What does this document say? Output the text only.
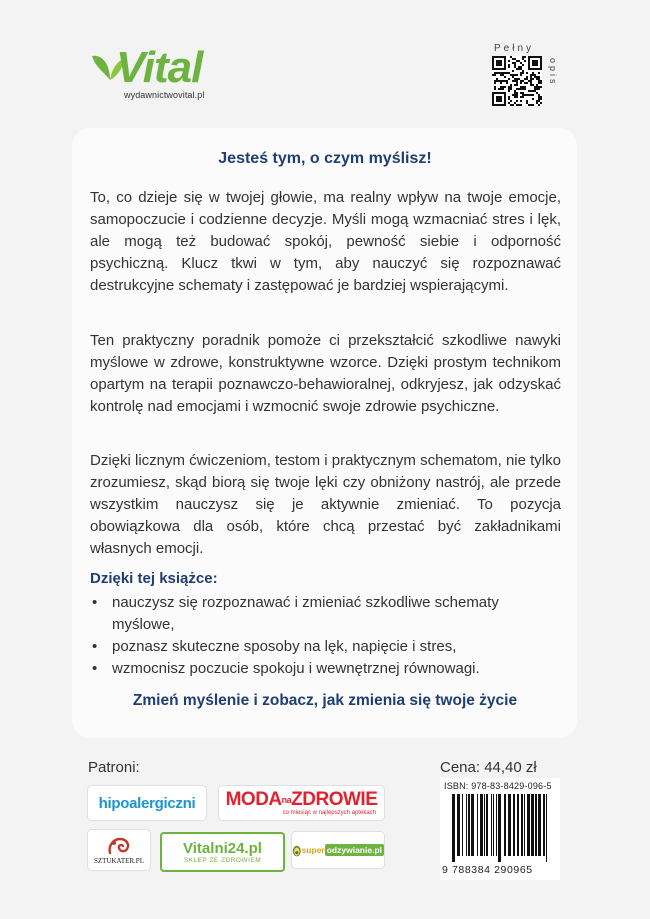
Vital
wydawnictwovital.pl
Pełny
opis
Jesteś tym, o czym myślisz!

To, co dzieje się w twojej głowie, ma realny wpływ na twoje emocje, samopoczucie i codzienne decyzje. Myśli mogą wzmacniać stres i lęk, ale mogą też budować spokój, pewność siebie i odporność psychiczną. Klucz tkwi w tym, aby nauczyć się rozpoznawać destrukcyjne schematy i zastępować je bardziej wspierającymi.

Ten praktyczny poradnik pomoże ci przekształcić szkodliwe nawyki myślowe w zdrowe, konstruktywne wzorce. Dzięki prostym technikom opartym na terapii poznawczo-behawioralnej, odkryjesz, jak odzyskać kontrolę nad emocjami i wzmocnić swoje zdrowie psychiczne.

Dzięki licznym ćwiczeniom, testom i praktycznym schematom, nie tylko zrozumiesz, skąd biorą się twoje lęki czy obniżony nastrój, ale przede wszystkim nauczysz się je aktywnie zmieniać. To pozycja obowiązkowa dla osób, które chcą przestać być zakładnikami własnych emocji.

Dzięki tej książce:
• nauczysz się rozpoznawać i zmieniać szkodliwe schematy myślowe,
• poznasz skuteczne sposoby na lęk, napięcie i stres,
• wzmocnisz poczucie spokoju i wewnętrznej równowagi.
Zmień myślenie i zobacz, jak zmienia się twoje życie
Patroni:	Cena: 44,40 zł
hipoalergiczni MODAnaZDROWIE
co miesiąc w najlepszych aptekach
SZTUKATER.PL
Vitalni24.pl
SKLEP ZE ZDROWIEM
super odzywianie.pl
ISBN: 978-83-8429-096-5
9 788384 290965
